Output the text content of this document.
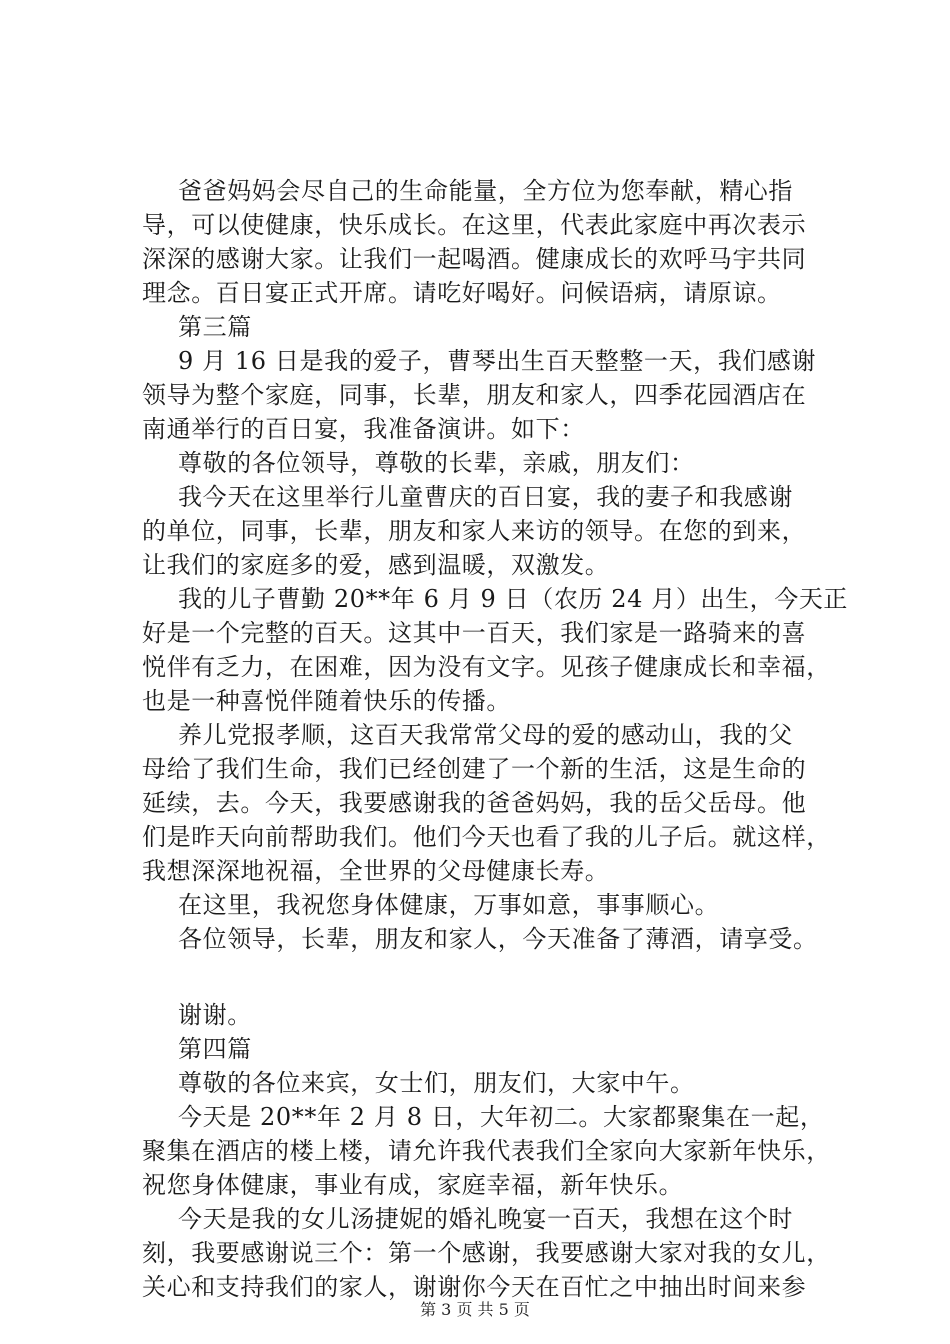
爸爸妈妈会尽自己的生命能量，全方位为您奉献，精心指
导，可以使健康，快乐成长。在这里，代表此家庭中再次表示
深深的感谢大家。让我们一起喝酒。健康成长的欢呼马宇共同
理念。百日宴正式开席。请吃好喝好。问候语病，请原谅。
第三篇
9 月 16 日是我的爱子，曹琴出生百天整整一天，我们感谢
领导为整个家庭，同事，长辈，朋友和家人，四季花园酒店在
南通举行的百日宴，我准备演讲。如下：
尊敬的各位领导，尊敬的长辈，亲戚，朋友们：
我今天在这里举行儿童曹庆的百日宴，我的妻子和我感谢
的单位，同事，长辈，朋友和家人来访的领导。在您的到来，
让我们的家庭多的爱，感到温暖，双激发。
我的儿子曹勤 20**年 6 月 9 日（农历 24 月）出生，今天正
好是一个完整的百天。这其中一百天，我们家是一路骑来的喜
悦伴有乏力，在困难，因为没有文字。见孩子健康成长和幸福，
也是一种喜悦伴随着快乐的传播。
养儿党报孝顺，这百天我常常父母的爱的感动山，我的父
母给了我们生命，我们已经创建了一个新的生活，这是生命的
延续，去。今天，我要感谢我的爸爸妈妈，我的岳父岳母。他
们是昨天向前帮助我们。他们今天也看了我的儿子后。就这样，
我想深深地祝福，全世界的父母健康长寿。
在这里，我祝您身体健康，万事如意，事事顺心。
各位领导，长辈，朋友和家人，今天准备了薄酒，请享受。
谢谢。
第四篇
尊敬的各位来宾，女士们，朋友们，大家中午。
今天是 20**年 2 月 8 日，大年初二。大家都聚集在一起，
聚集在酒店的楼上楼，请允许我代表我们全家向大家新年快乐，
祝您身体健康，事业有成，家庭幸福，新年快乐。
今天是我的女儿汤捷妮的婚礼晚宴一百天，我想在这个时
刻，我要感谢说三个：第一个感谢，我要感谢大家对我的女儿，
关心和支持我们的家人，谢谢你今天在百忙之中抽出时间来参
第 3 页 共 5 页
